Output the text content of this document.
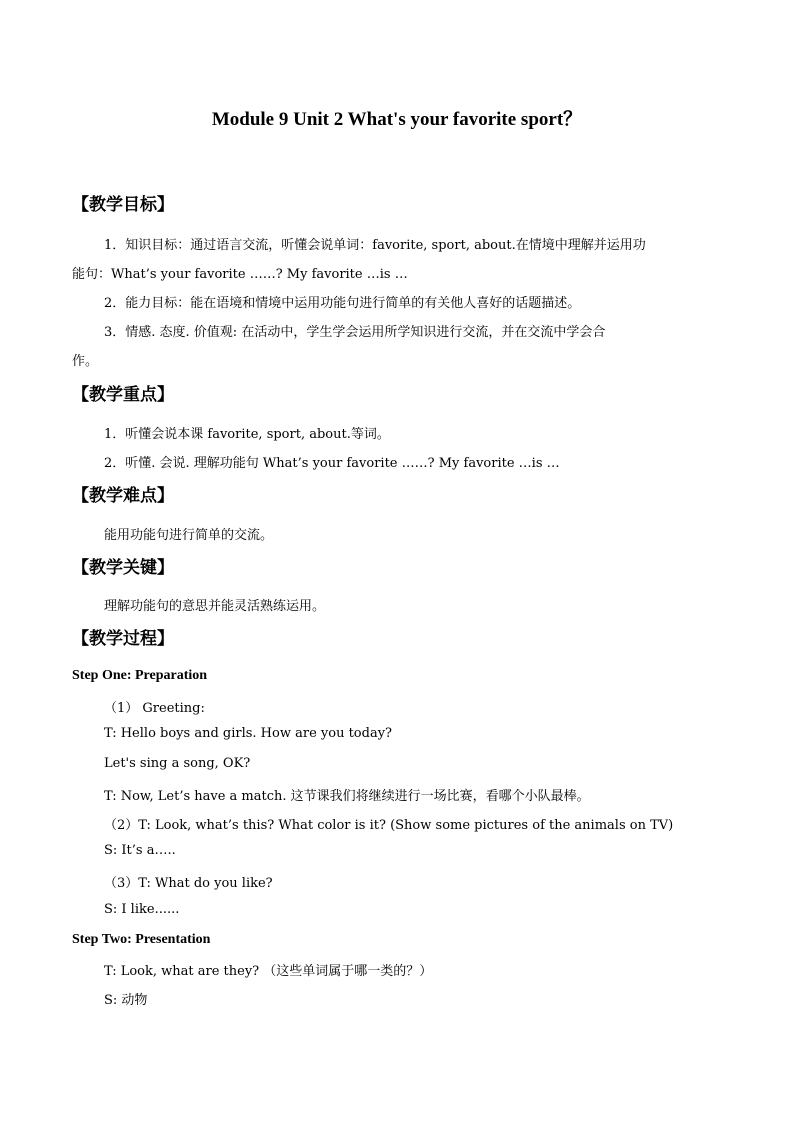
Module 9 Unit 2 What's your favorite sport？
【教学目标】
1．知识目标：通过语言交流，听懂会说单词：favorite, sport, about.在情境中理解并运用功
能句：What’s your favorite ……? My favorite …is …
2．能力目标：能在语境和情境中运用功能句进行简单的有关他人喜好的话题描述。
3．情感. 态度. 价值观: 在活动中，学生学会运用所学知识进行交流，并在交流中学会合
作。
【教学重点】
1．听懂会说本课 favorite, sport, about.等词。
2．听懂. 会说. 理解功能句 What’s your favorite ……? My favorite …is …
【教学难点】
能用功能句进行简单的交流。
【教学关键】
理解功能句的意思并能灵活熟练运用。
【教学过程】
Step One: Preparation
（1） Greeting:
T: Hello boys and girls. How are you today?
Let's sing a song, OK?
T: Now, Let’s have a match. 这节课我们将继续进行一场比赛，看哪个小队最棒。
（2）T: Look, what’s this? What color is it? (Show some pictures of the animals on TV)
S: It’s a…..
（3）T: What do you like?
S: I like......
Step Two: Presentation
T: Look, what are they? （这些单词属于哪一类的？）
S: 动物
